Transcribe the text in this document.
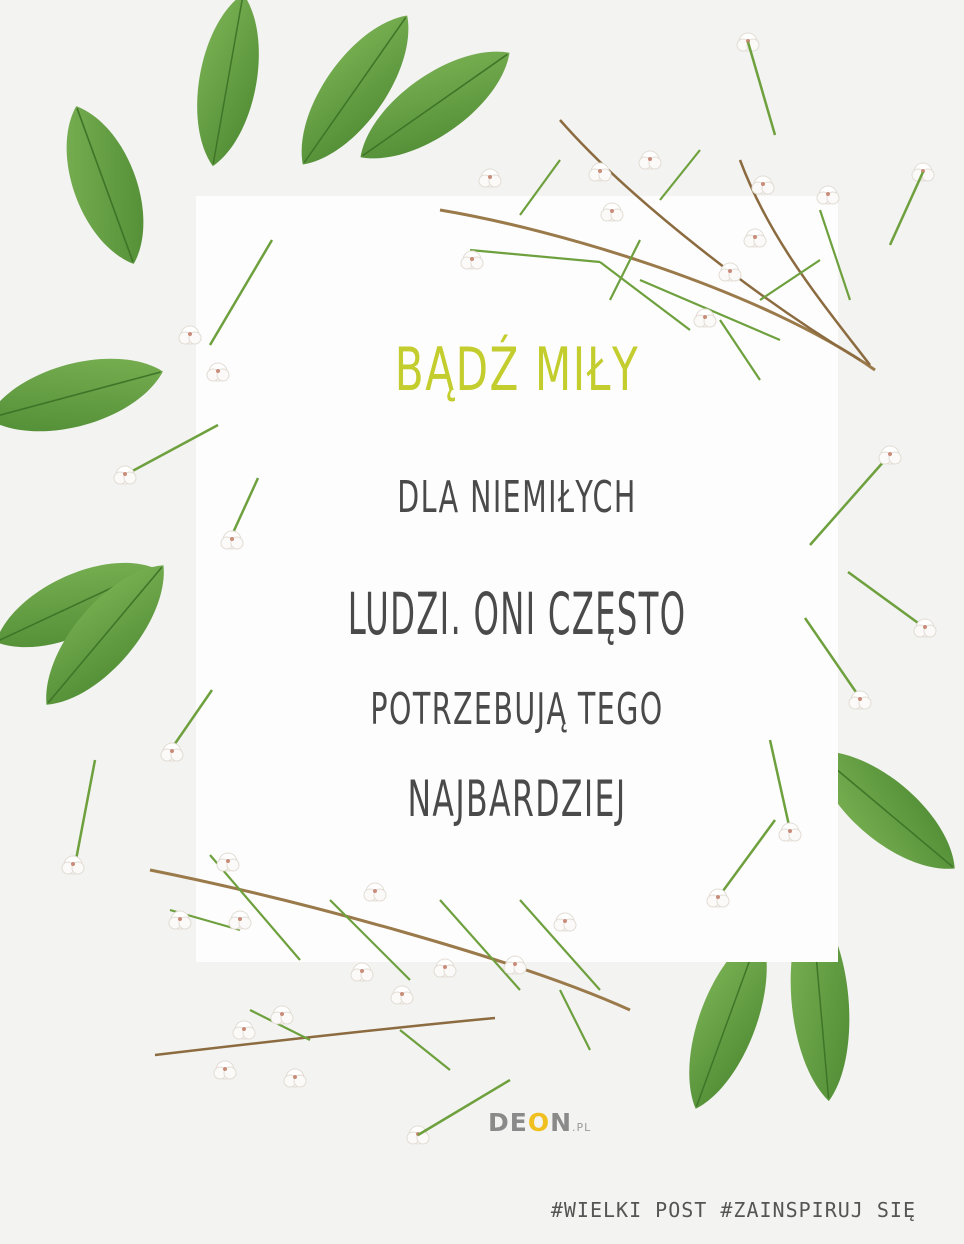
BĄDŹ MIŁY
DLA NIEMIŁYCH
LUDZI. ONI CZĘSTO
POTRZEBUJĄ TEGO
NAJBARDZIEJ
DEON.PL
#WIELKI POST #ZAINSPIRUJ SIĘ
